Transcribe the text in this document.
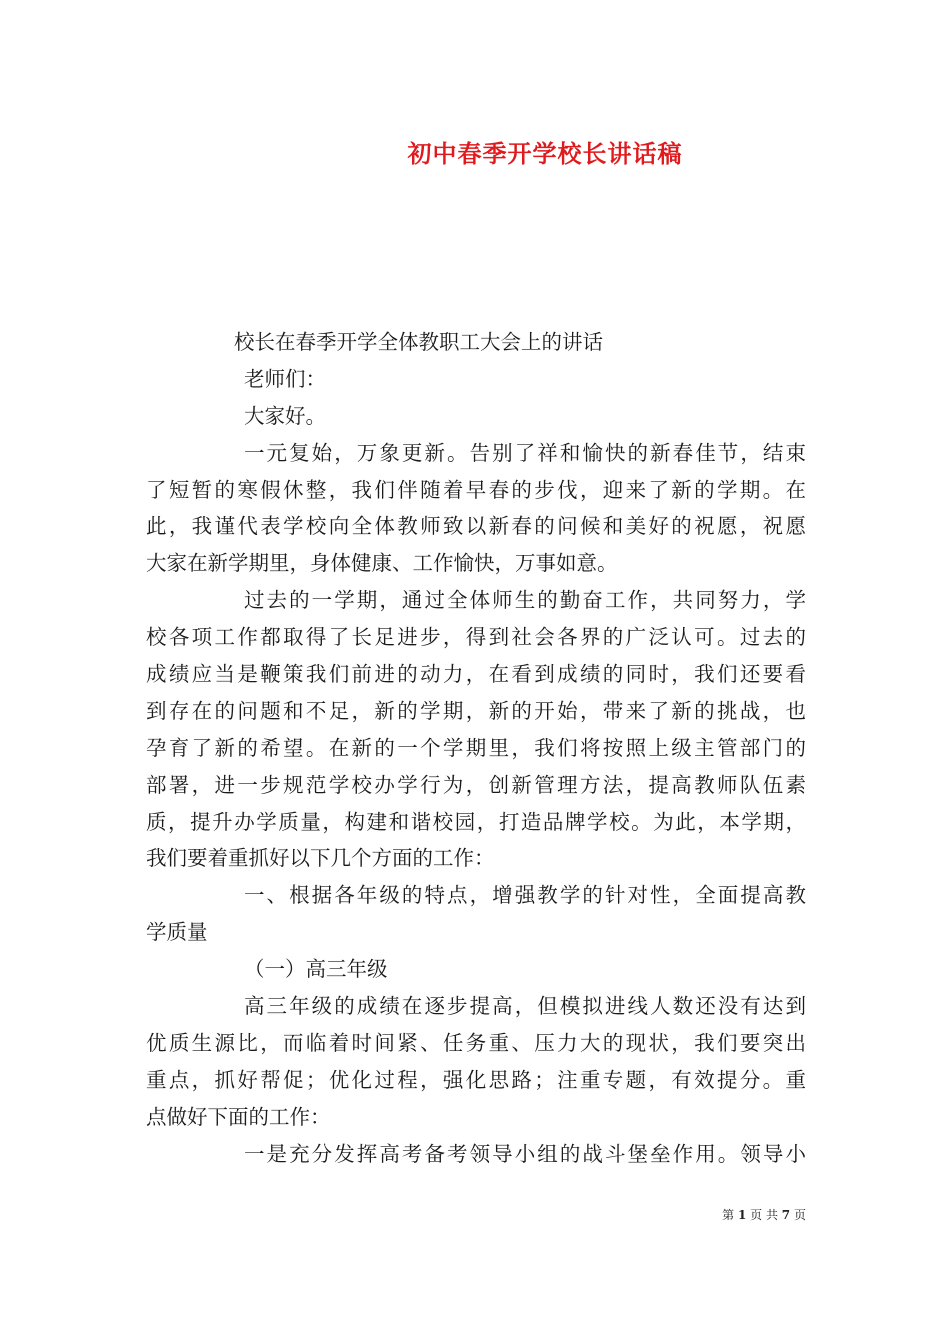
初中春季开学校长讲话稿
校长在春季开学全体教职工大会上的讲话
老师们：
大家好。
一元复始，万象更新。告别了祥和愉快的新春佳节，结束
了短暂的寒假休整，我们伴随着早春的步伐，迎来了新的学期。在
此，我谨代表学校向全体教师致以新春的问候和美好的祝愿，祝愿
大家在新学期里，身体健康、工作愉快，万事如意。
过去的一学期，通过全体师生的勤奋工作，共同努力，学
校各项工作都取得了长足进步，得到社会各界的广泛认可。过去的
成绩应当是鞭策我们前进的动力，在看到成绩的同时，我们还要看
到存在的问题和不足，新的学期，新的开始，带来了新的挑战，也
孕育了新的希望。在新的一个学期里，我们将按照上级主管部门的
部署，进一步规范学校办学行为，创新管理方法，提高教师队伍素
质，提升办学质量，构建和谐校园，打造品牌学校。为此，本学期，
我们要着重抓好以下几个方面的工作：
一、根据各年级的特点，增强教学的针对性，全面提高教
学质量
（一）高三年级
高三年级的成绩在逐步提高，但模拟进线人数还没有达到
优质生源比，而临着时间紧、任务重、压力大的现状，我们要突出
重点，抓好帮促；优化过程，强化思路；注重专题，有效提分。重
点做好下面的工作：
一是充分发挥高考备考领导小组的战斗堡垒作用。领导小
第 1 页 共 7 页
